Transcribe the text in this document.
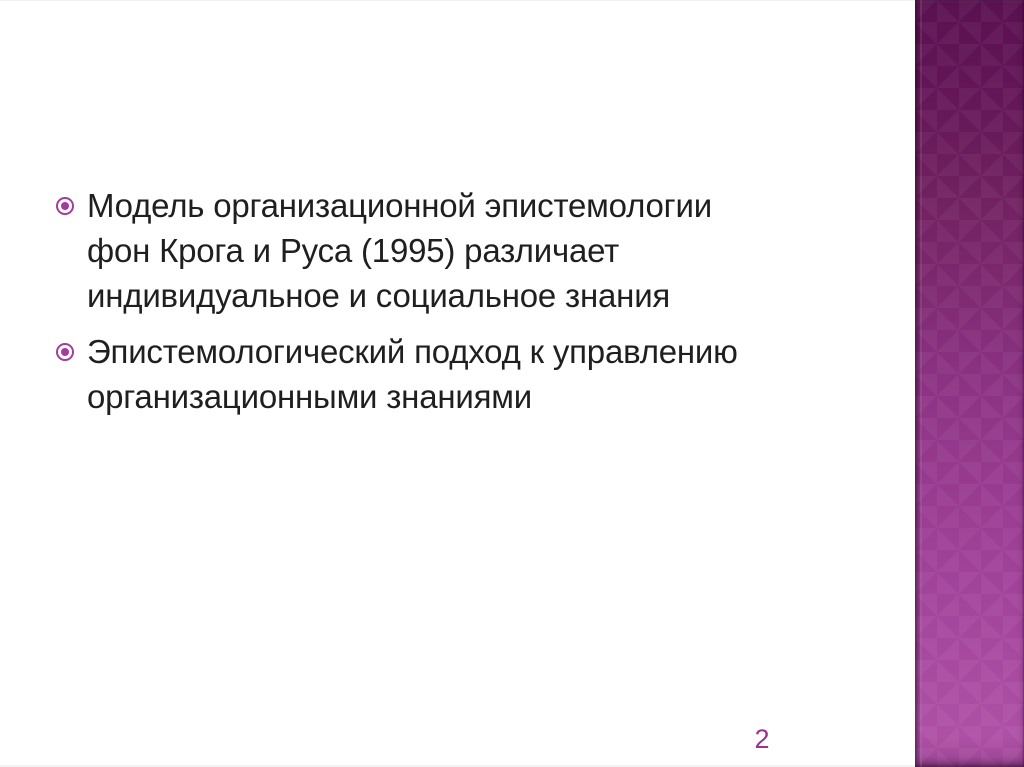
Модель организационной эпистемологии
фон Крога и Руса (1995) различает
индивидуальное и социальное знания
Эпистемологический подход к управлению
организационными знаниями
2
